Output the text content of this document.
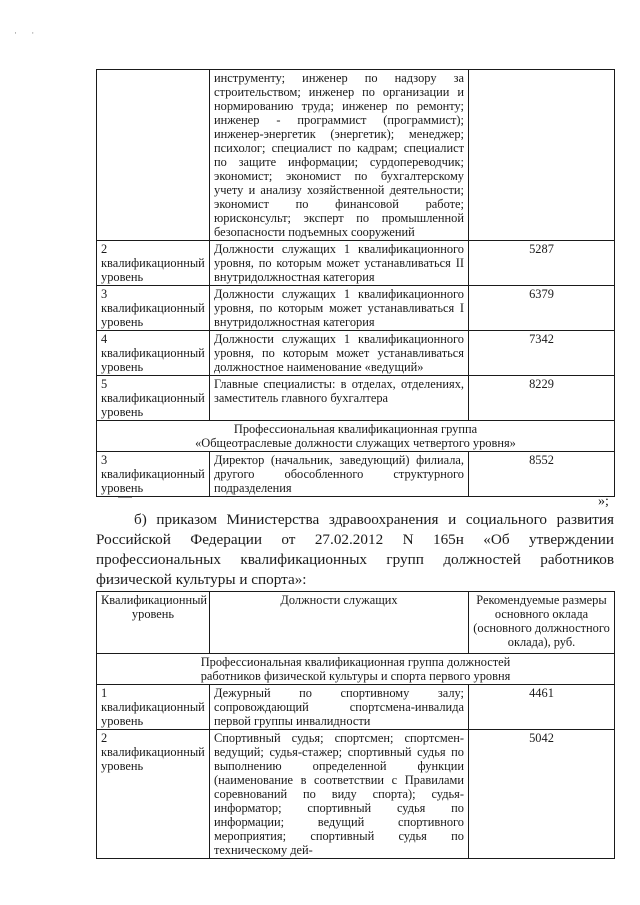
· ·
	инструменту; инженер по надзору за строительством; инженер по организации и нормированию труда; инженер по ремонту; инженер - программист (программист); инженер-энергетик (энергетик); менеджер; психолог; специалист по кадрам; специалист по защите информации; сурдопереводчик; экономист; экономист по бухгалтерскому учету и анализу хозяйственной деятельности; экономист по финансовой работе; юрисконсульт; эксперт по промышленной безопасности подъемных сооружений	
2 квалификационный уровень	Должности служащих 1 квалификационного уровня, по которым может устанавливаться II внутридолжностная категория	5287
3 квалификационный уровень	Должности служащих 1 квалификационного уровня, по которым может устанавливаться I внутридолжностная категория	6379
4 квалификационный уровень	Должности служащих 1 квалификационного уровня, по которым может устанавливаться должностное наименование «ведущий»	7342
5 квалификационный уровень	Главные специалисты: в отделах, отделениях, заместитель главного бухгалтера	8229

Профессиональная квалификационная группа
«Общеотраслевые должности служащих четвертого уровня»		

3 квалификационный уровень	Директор (начальник, заведующий) филиала, другого обособленного структурного подразделения	8552
»;

б) приказом Министерства здравоохранения и социального развития Российской Федерации от 27.02.2012 N 165н «Об утверждении профессиональных квалификационных групп должностей работников физической культуры и спорта»:

Квалификационный уровень	Должности служащих	Рекомендуемые размеры основного оклада (основного должностного оклада), руб.

Профессиональная квалификационная группа должностей
работников физической культуры и спорта первого уровня		

1 квалификационный уровень	Дежурный по спортивному залу; сопровождающий спортсмена-инвалида первой группы инвалидности	4461
2 квалификационный уровень	Спортивный судья; спортсмен; спортсмен-ведущий; судья-стажер; спортивный судья по выполнению определенной функции (наименование в соответствии с Правилами соревнований по виду спорта); судья-информатор; спортивный судья по информации; ведущий спортивного мероприятия; спортивный судья по техническому дей-	5042
